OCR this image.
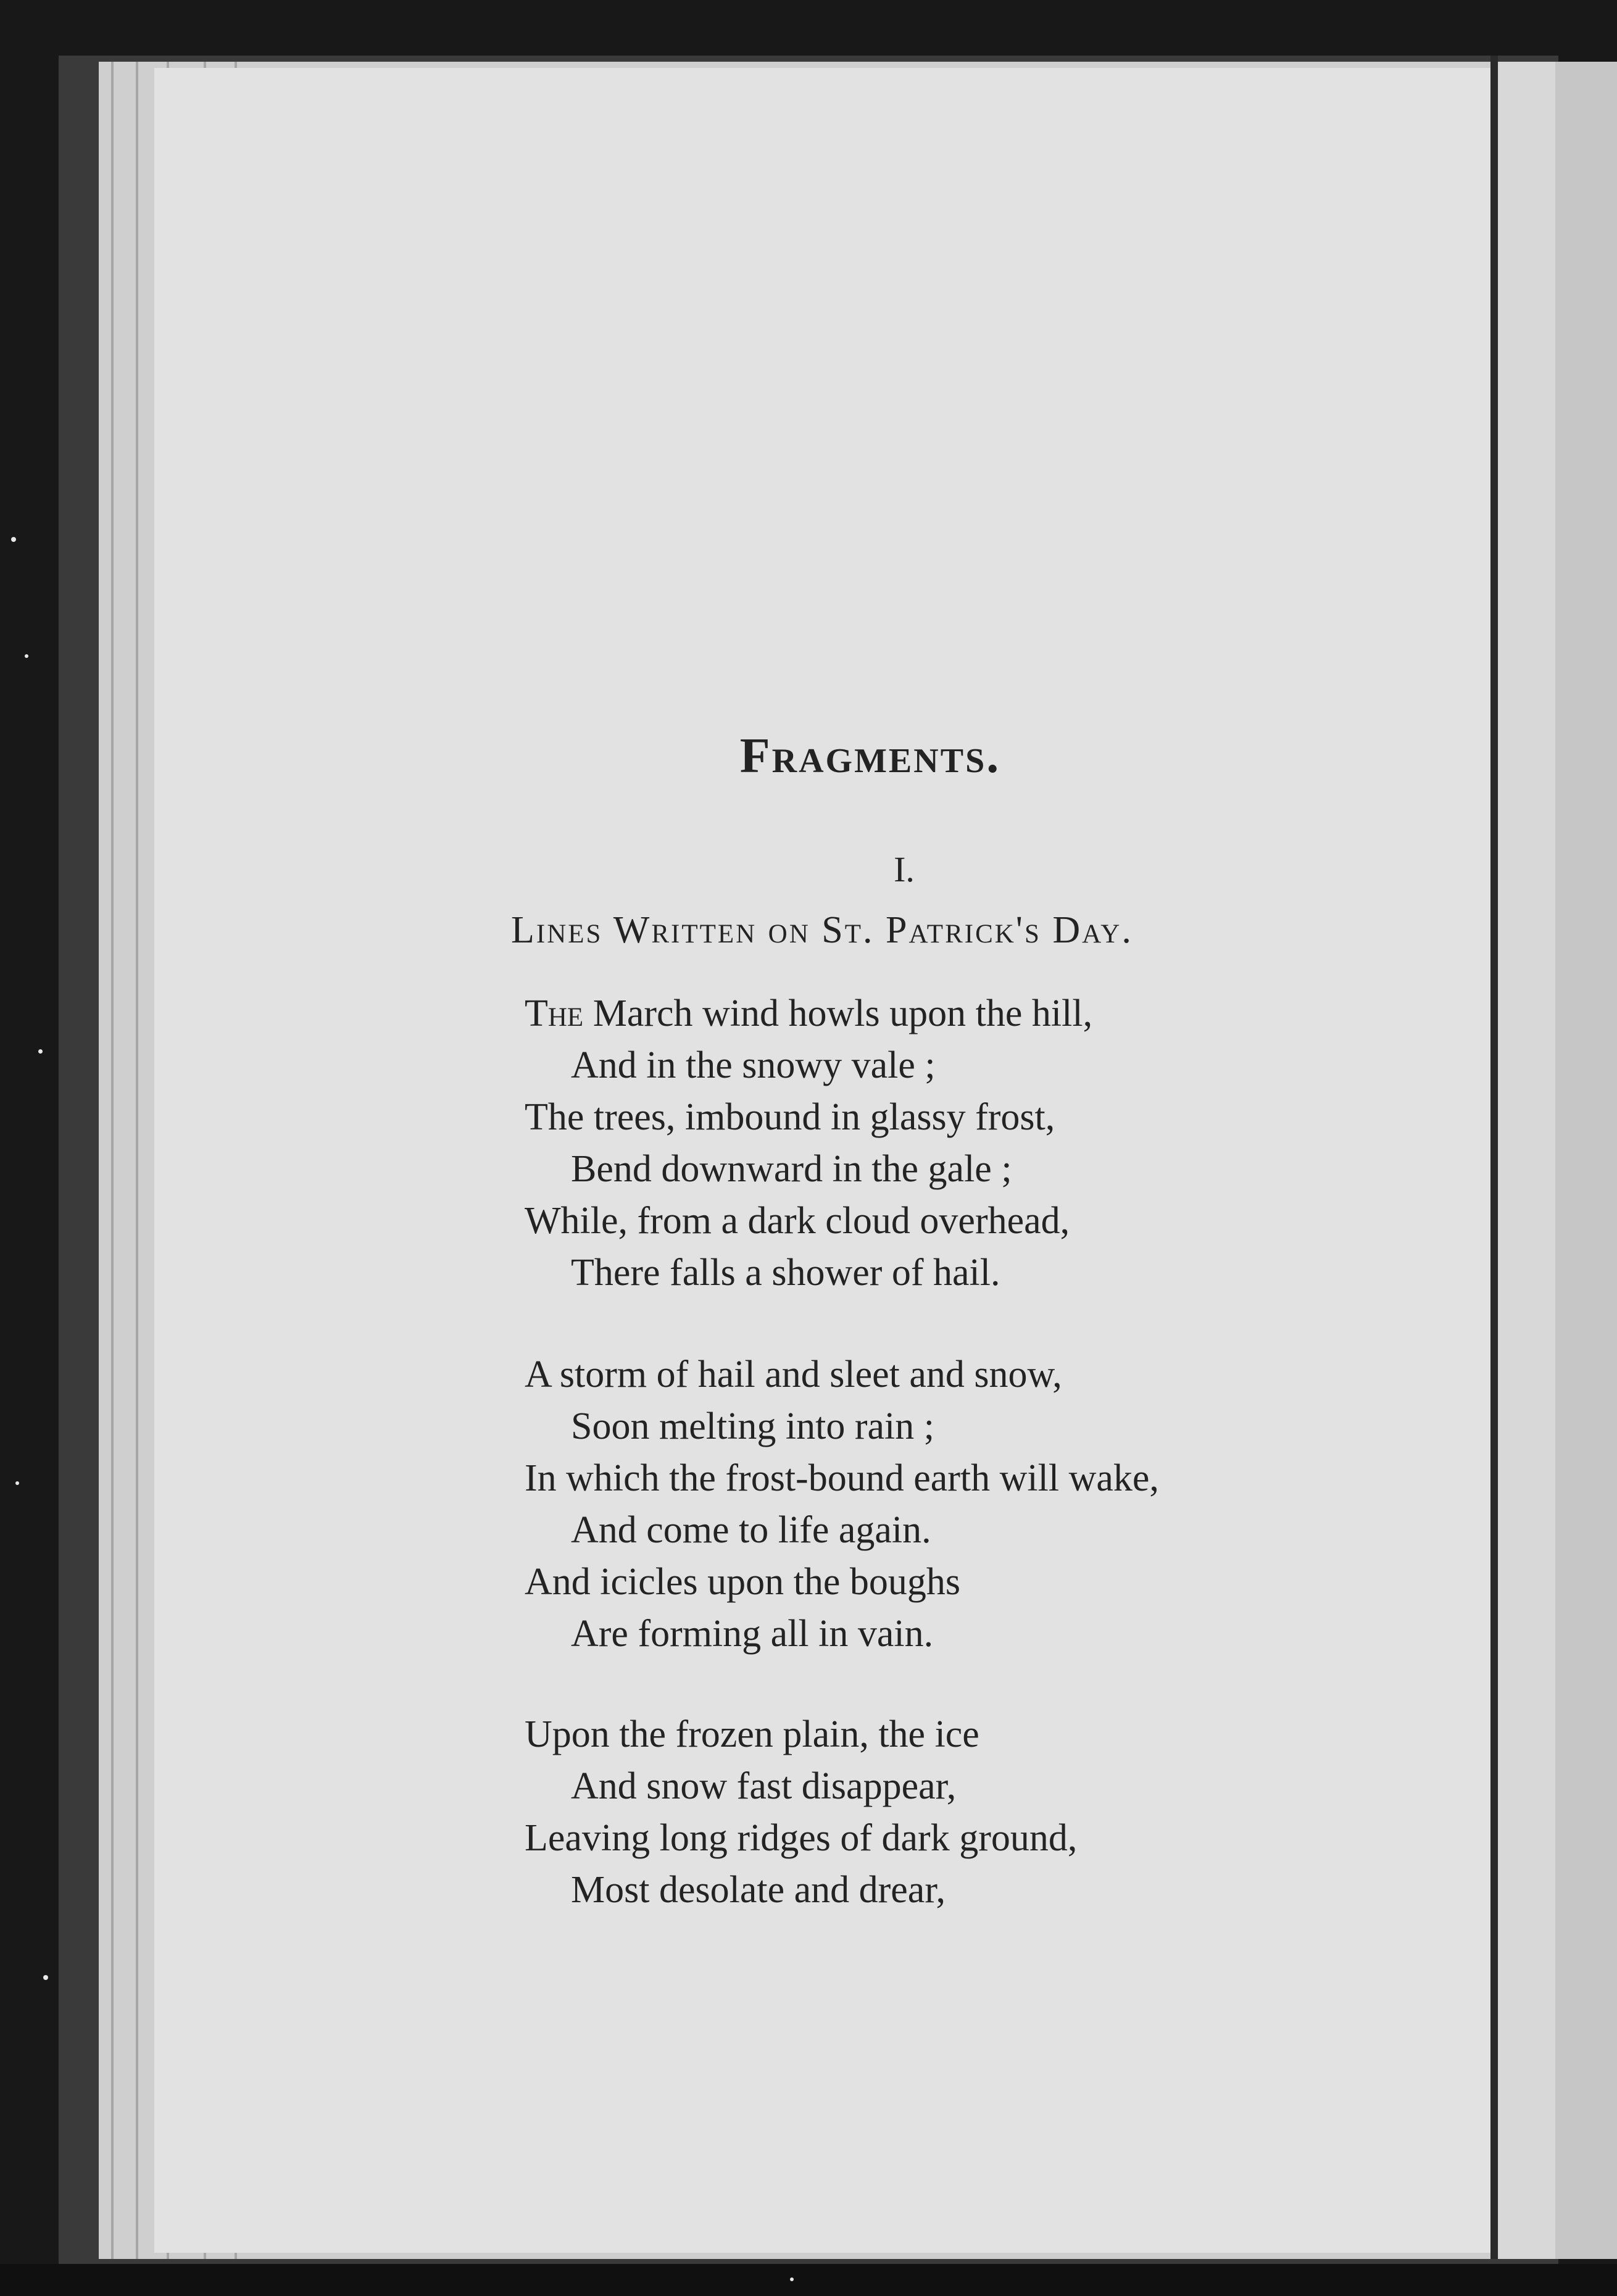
Fragments.
I.
Lines Written on St. Patrick's Day.
The March wind howls upon the hill,
And in the snowy vale ;
The trees, imbound in glassy frost,
Bend downward in the gale ;
While, from a dark cloud overhead,
There falls a shower of hail.
A storm of hail and sleet and snow,
Soon melting into rain ;
In which the frost-bound earth will wake,
And come to life again.
And icicles upon the boughs
Are forming all in vain.
Upon the frozen plain, the ice
And snow fast disappear,
Leaving long ridges of dark ground,
Most desolate and drear,
